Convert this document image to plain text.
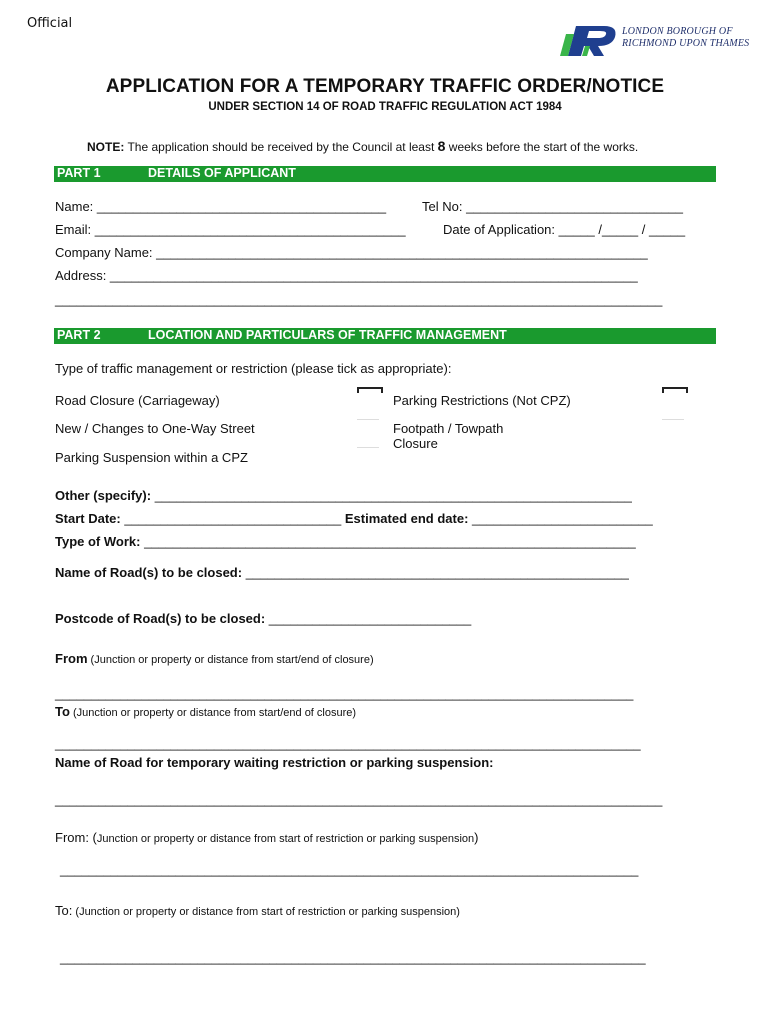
Official
LONDON BOROUGH OF
RICHMOND UPON THAMES
APPLICATION FOR A TEMPORARY TRAFFIC ORDER/NOTICE
UNDER SECTION 14 OF ROAD TRAFFIC REGULATION ACT 1984
NOTE: The application should be received by the Council at least 8 weeks before the start of the works.
PART 1	DETAILS OF APPLICANT
Name: ________________________________________	Tel No: ______________________________
Email: ___________________________________________	Date of Application: _____ /_____ / _____
Company Name: ____________________________________________________________________
Address: _________________________________________________________________________
____________________________________________________________________________________
PART 2	LOCATION AND PARTICULARS OF TRAFFIC MANAGEMENT
Type of traffic management or restriction (please tick as appropriate):
Road Closure (Carriageway)	Parking Restrictions (Not CPZ)
New / Changes to One-Way Street	Footpath / Towpath
Closure
Parking Suspension within a CPZ
Other (specify): __________________________________________________________________
Start Date: ______________________________ Estimated end date: _________________________
Type of Work: ____________________________________________________________________
Name of Road(s) to be closed: _____________________________________________________
Postcode of Road(s) to be closed: ____________________________
From (Junction or property or distance from start/end of closure)
________________________________________________________________________________
To (Junction or property or distance from start/end of closure)
_________________________________________________________________________________
Name of Road for temporary waiting restriction or parking suspension:
____________________________________________________________________________________
From: (Junction or property or distance from start of restriction or parking suspension)
________________________________________________________________________________
To: (Junction or property or distance from start of restriction or parking suspension)
_________________________________________________________________________________
